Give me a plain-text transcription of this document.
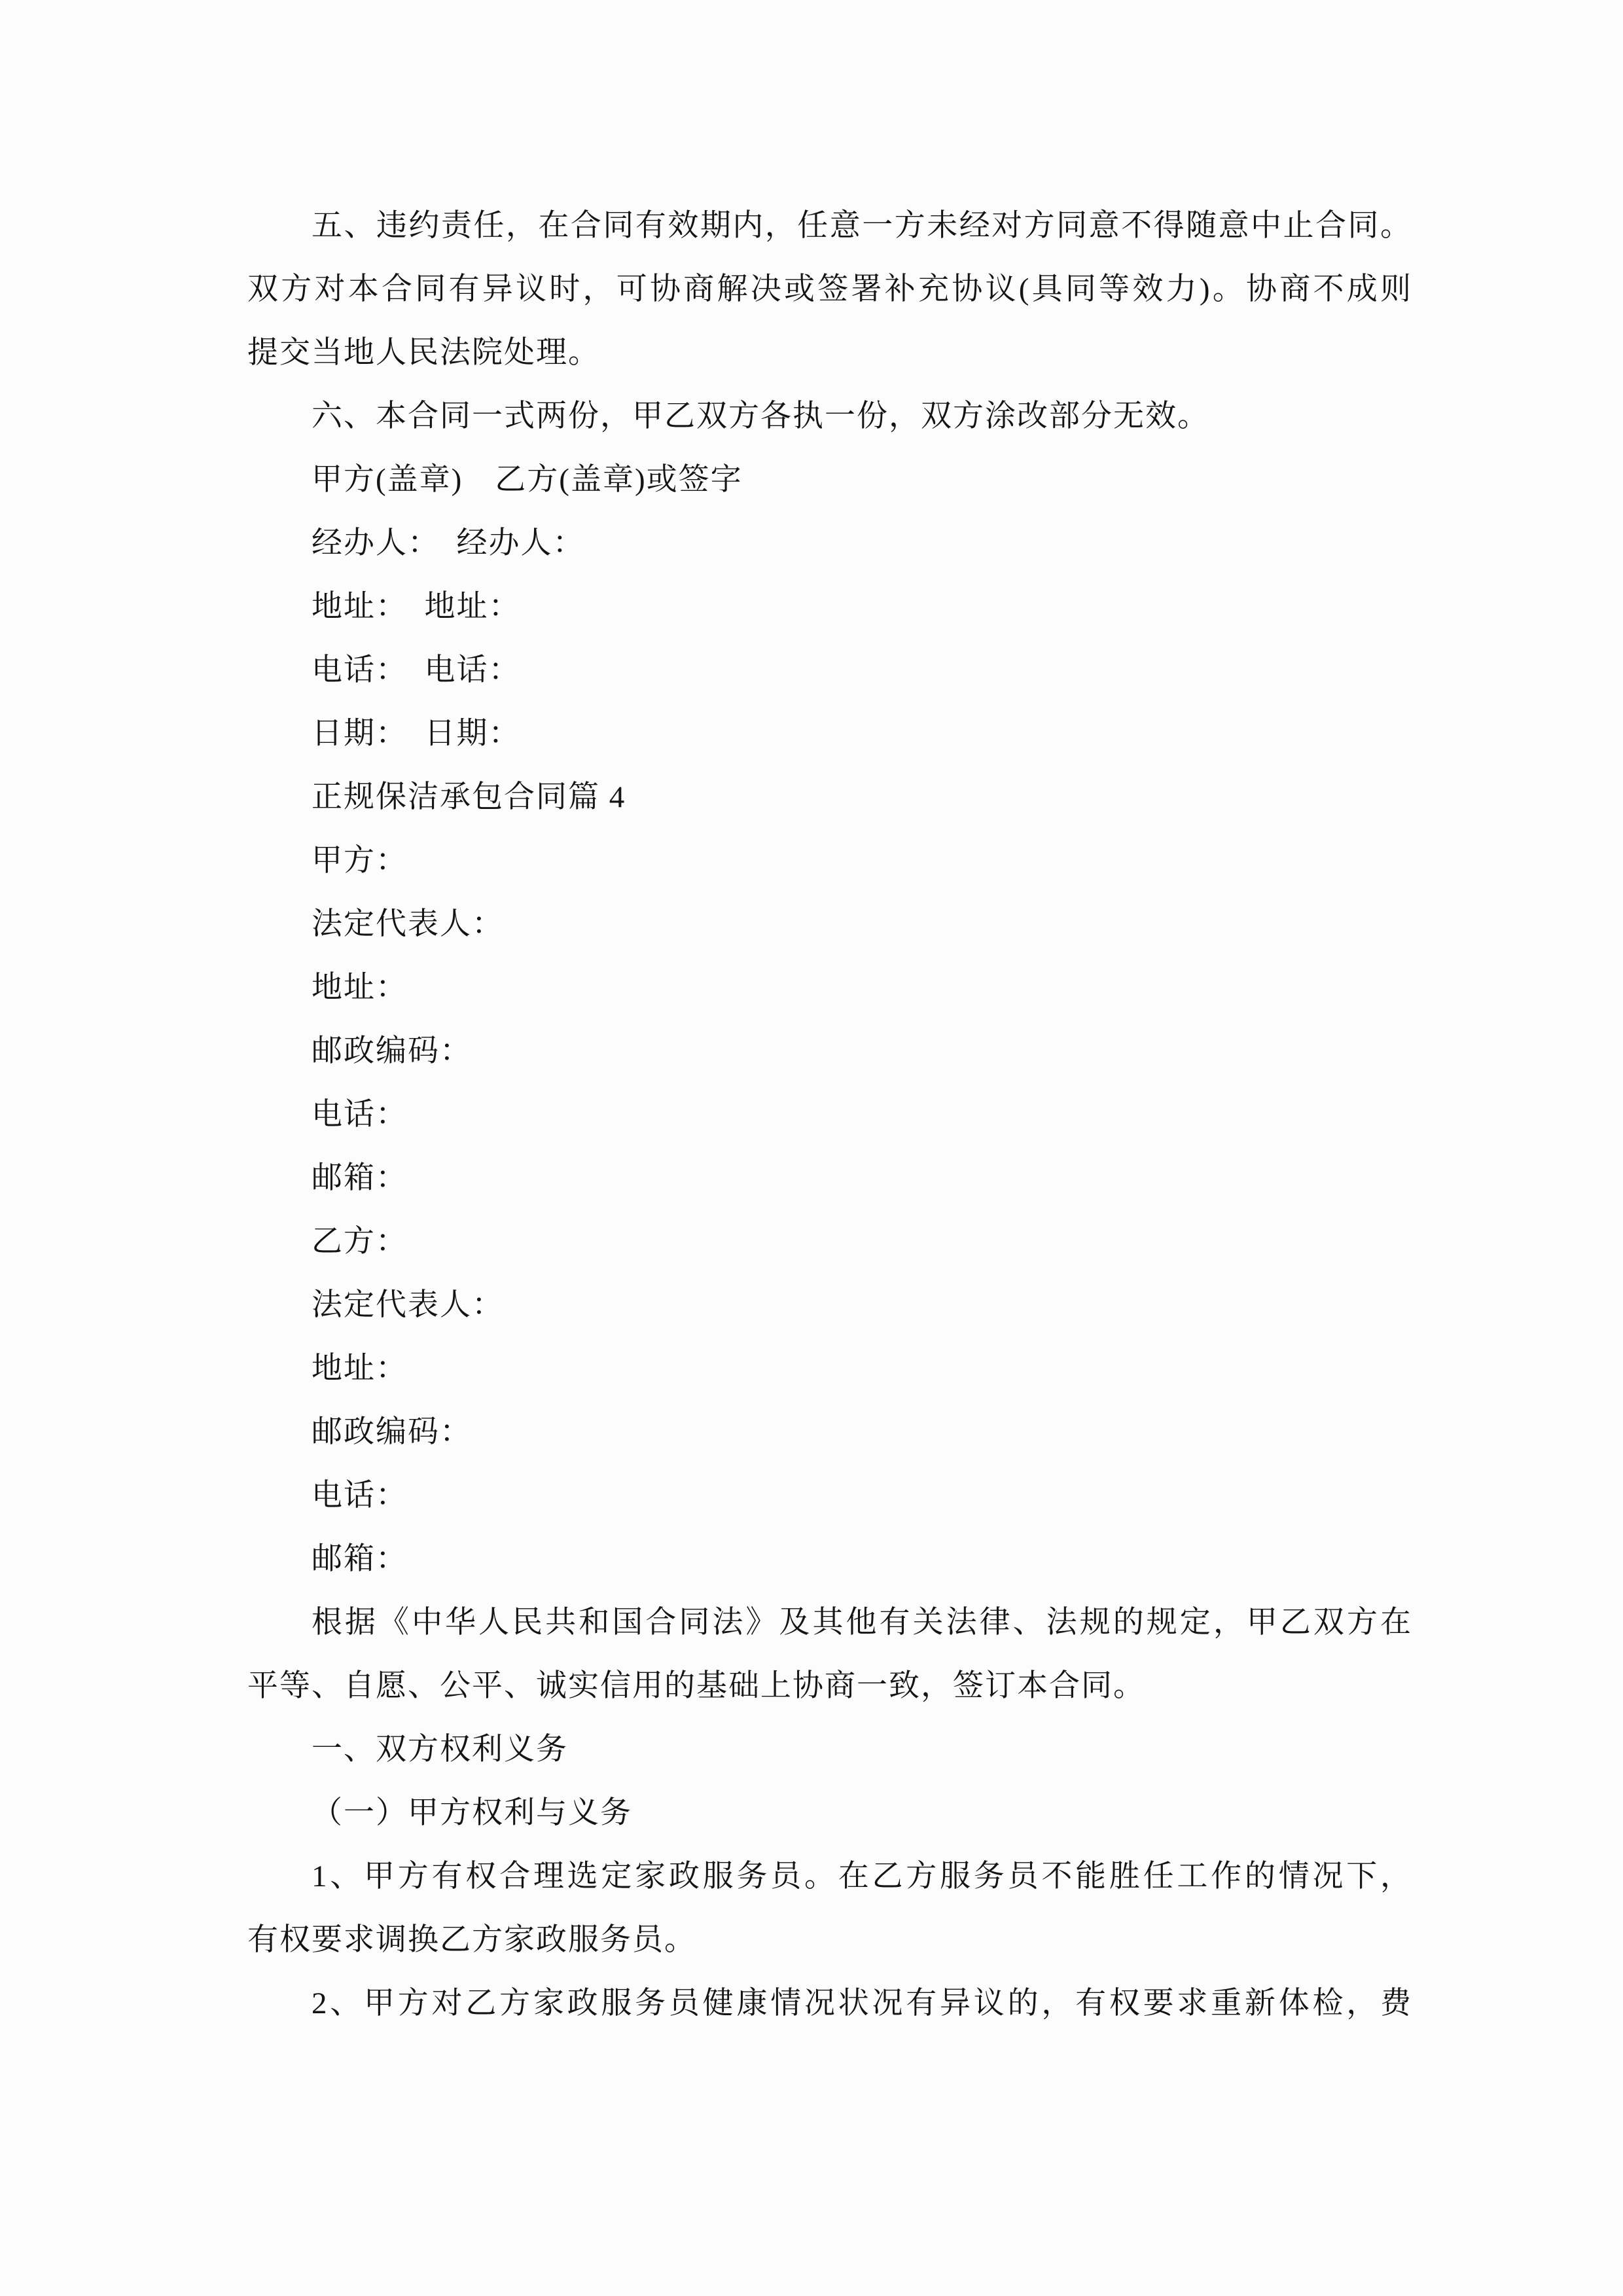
五、违约责任，在合同有效期内，任意一方未经对方同意不得随意中止合同。
双方对本合同有异议时，可协商解决或签署补充协议(具同等效力)。协商不成则
提交当地人民法院处理。
六、本合同一式两份，甲乙双方各执一份，双方涂改部分无效。
甲方(盖章)　乙方(盖章)或签字
经办人：　经办人：
地址：　地址：
电话：　电话：
日期：　日期：
正规保洁承包合同篇 4
甲方：
法定代表人：
地址：
邮政编码：
电话：
邮箱：
乙方：
法定代表人：
地址：
邮政编码：
电话：
邮箱：
根据《中华人民共和国合同法》及其他有关法律、法规的规定，甲乙双方在
平等、自愿、公平、诚实信用的基础上协商一致，签订本合同。
一、双方权利义务
（一）甲方权利与义务
1、甲方有权合理选定家政服务员。在乙方服务员不能胜任工作的情况下，
有权要求调换乙方家政服务员。
2、甲方对乙方家政服务员健康情况状况有异议的，有权要求重新体检，费
